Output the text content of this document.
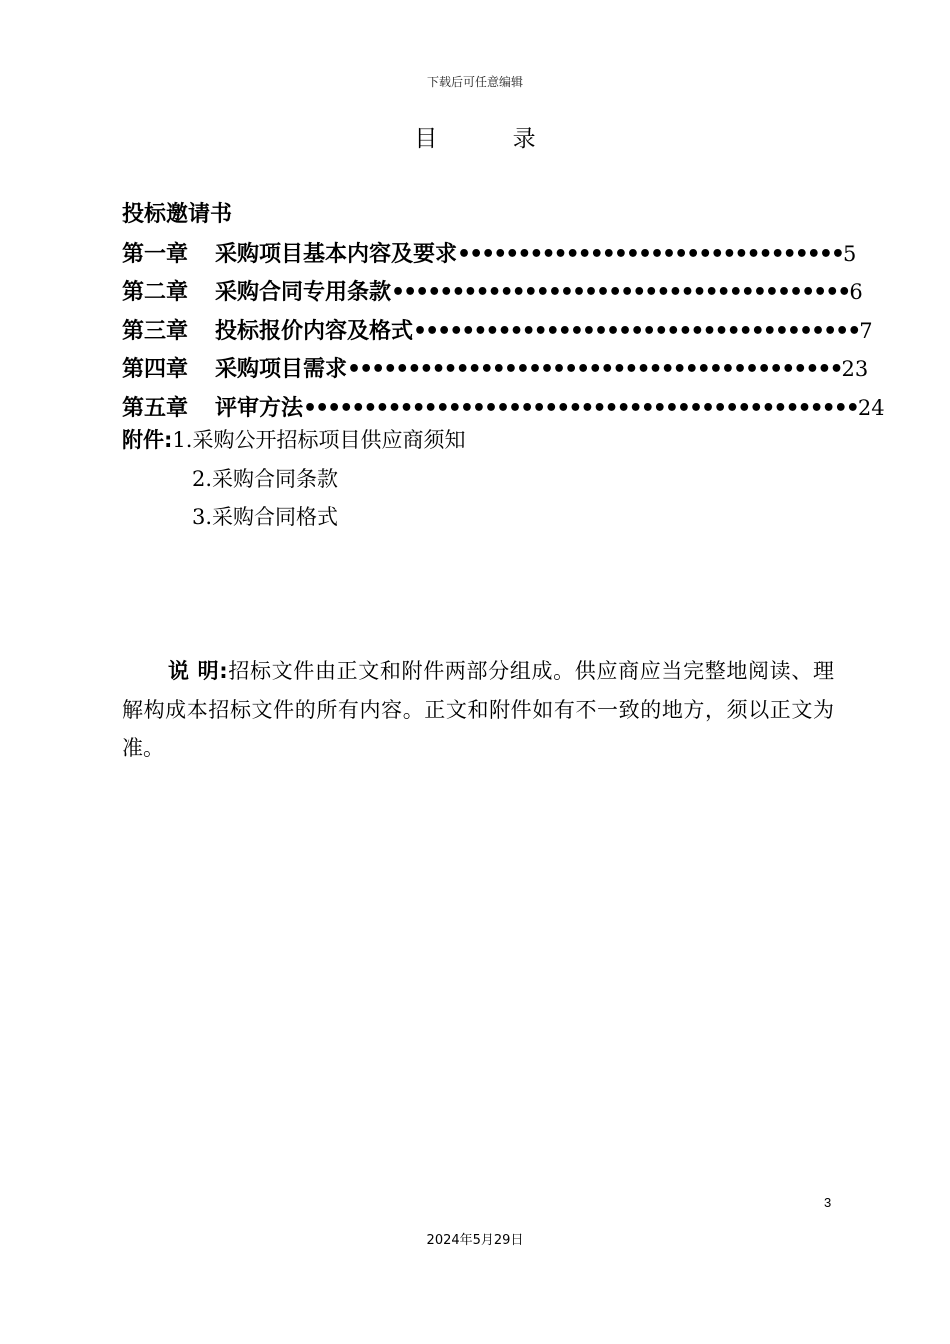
下载后可任意编辑
目 录
投标邀请书
第一章 采购项目基本内容及要求••••••••••••••••••••••••••••••••5
第二章 采购合同专用条款••••••••••••••••••••••••••••••••••••••6
第三章 投标报价内容及格式•••••••••••••••••••••••••••••••••••••7
第四章 采购项目需求•••••••••••••••••••••••••••••••••••••••••23
第五章 评审方法••••••••••••••••••••••••••••••••••••••••••••••24
附件:1.采购公开招标项目供应商须知
2.采购合同条款
3.采购合同格式
说 明:招标文件由正文和附件两部分组成。供应商应当完整地阅读、理解构成本招标文件的所有内容。正文和附件如有不一致的地方，须以正文为准。
3
2024年5月29日
